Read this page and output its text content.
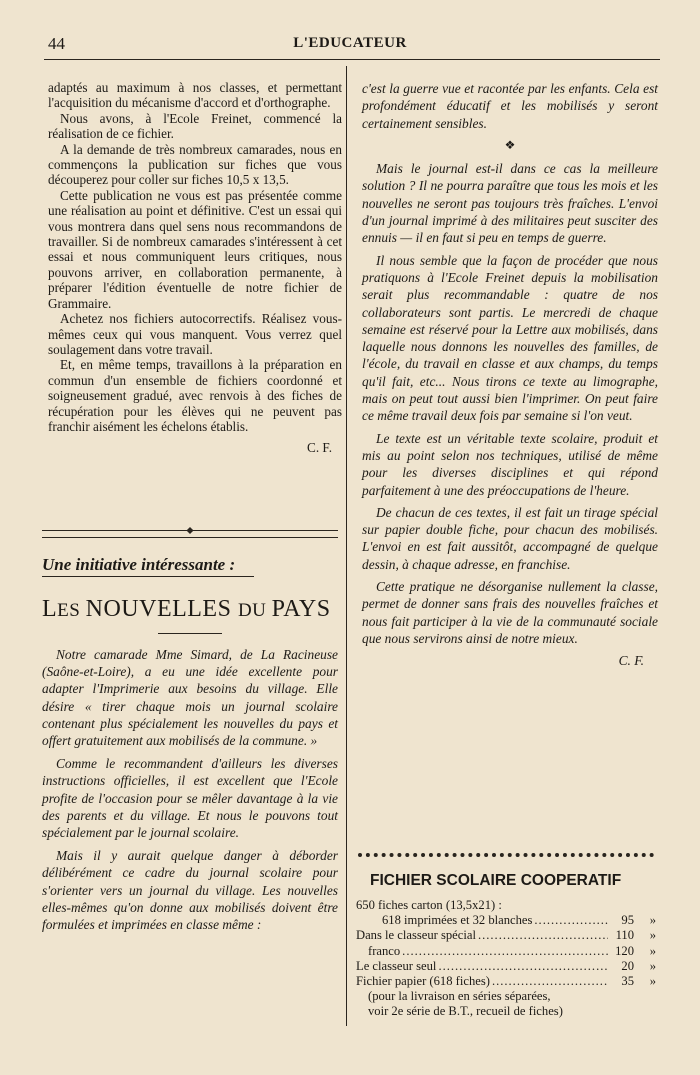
44	L'EDUCATEUR

adaptés au maximum à nos classes, et permettant l'acquisition du mécanisme d'accord et d'orthographe.

Nous avons, à l'Ecole Freinet, commencé la réalisation de ce fichier.

A la demande de très nombreux camarades, nous en commençons la publication sur fiches que vous découperez pour coller sur fiches 10,5 x 13,5.

Cette publication ne vous est pas présentée comme une réalisation au point et définitive. C'est un essai qui vous montrera dans quel sens nous recommandons de travailler. Si de nombreux camarades s'intéressent à cet essai et nous communiquent leurs critiques, nous pouvons arriver, en collaboration permanente, à préparer l'édition éventuelle de notre fichier de Grammaire.

Achetez nos fichiers autocorrectifs. Réalisez vous-mêmes ceux qui vous manquent. Vous verrez quel soulagement dans votre travail.

Et, en même temps, travaillons à la préparation en commun d'un ensemble de fichiers coordonné et soigneusement gradué, avec renvois à des fiches de récupération pour les élèves qui ne peuvent pas franchir aisément les échelons établis.

C. F.

Une initiative intéressante :
LES NOUVELLES DU PAYS

Notre camarade Mme Simard, de La Racineuse (Saône-et-Loire), a eu une idée excellente pour adapter l'Imprimerie aux besoins du village. Elle désire « tirer chaque mois un journal scolaire contenant plus spécialement les nouvelles du pays et offert gratuitement aux mobilisés de la commune. »

Comme le recommandent d'ailleurs les diverses instructions officielles, il est excellent que l'Ecole profite de l'occasion pour se mêler davantage à la vie des parents et du village. Et nous le pouvons tout spécialement par le journal scolaire.

Mais il y aurait quelque danger à déborder délibérément ce cadre du journal scolaire pour s'orienter vers un journal du village. Les nouvelles elles-mêmes qu'on donne aux mobilisés doivent être formulées et imprimées en classe même :

c'est la guerre vue et racontée par les enfants. Cela est profondément éducatif et les mobilisés y seront certainement sensibles.

❖

Mais le journal est-il dans ce cas la meilleure solution ? Il ne pourra paraître que tous les mois et les nouvelles ne seront pas toujours très fraîches. L'envoi d'un journal imprimé à des militaires peut susciter des ennuis — il en faut si peu en temps de guerre.

Il nous semble que la façon de procéder que nous pratiquons à l'Ecole Freinet depuis la mobilisation serait plus recommandable : quatre de nos collaborateurs sont partis. Le mercredi de chaque semaine est réservé pour la Lettre aux mobilisés, dans laquelle nous donnons les nouvelles des familles, de l'école, du travail en classe et aux champs, du temps qu'il fait, etc... Nous tirons ce texte au limographe, mais on peut tout aussi bien l'imprimer. On peut faire ce même travail deux fois par semaine si l'on veut.

Le texte est un véritable texte scolaire, produit et mis au point selon nos techniques, utilisé de même pour les diverses disciplines et qui répond parfaitement à une des préoccupations de l'heure.

De chacun de ces textes, il est fait un tirage spécial sur papier double fiche, pour chacun des mobilisés. L'envoi en est fait aussitôt, accompagné de quelque dessin, à chaque adresse, en franchise.

Cette pratique ne désorganise nullement la classe, permet de donner sans frais des nouvelles fraîches et nous fait participer à la vie de la communauté sociale que nous servirons ainsi de notre mieux.

C. F.

FICHIER SCOLAIRE COOPERATIF
650 fiches carton (13,5x21) :
618 imprimées et 32 blanches .....	95	»
Dans le classeur spécial .....	110	»
franco .....	120	»
Le classeur seul .....	20	»
Fichier papier (618 fiches) .....	35	»
(pour la livraison en séries séparées,
voir 2e série de B.T., recueil de fiches)
